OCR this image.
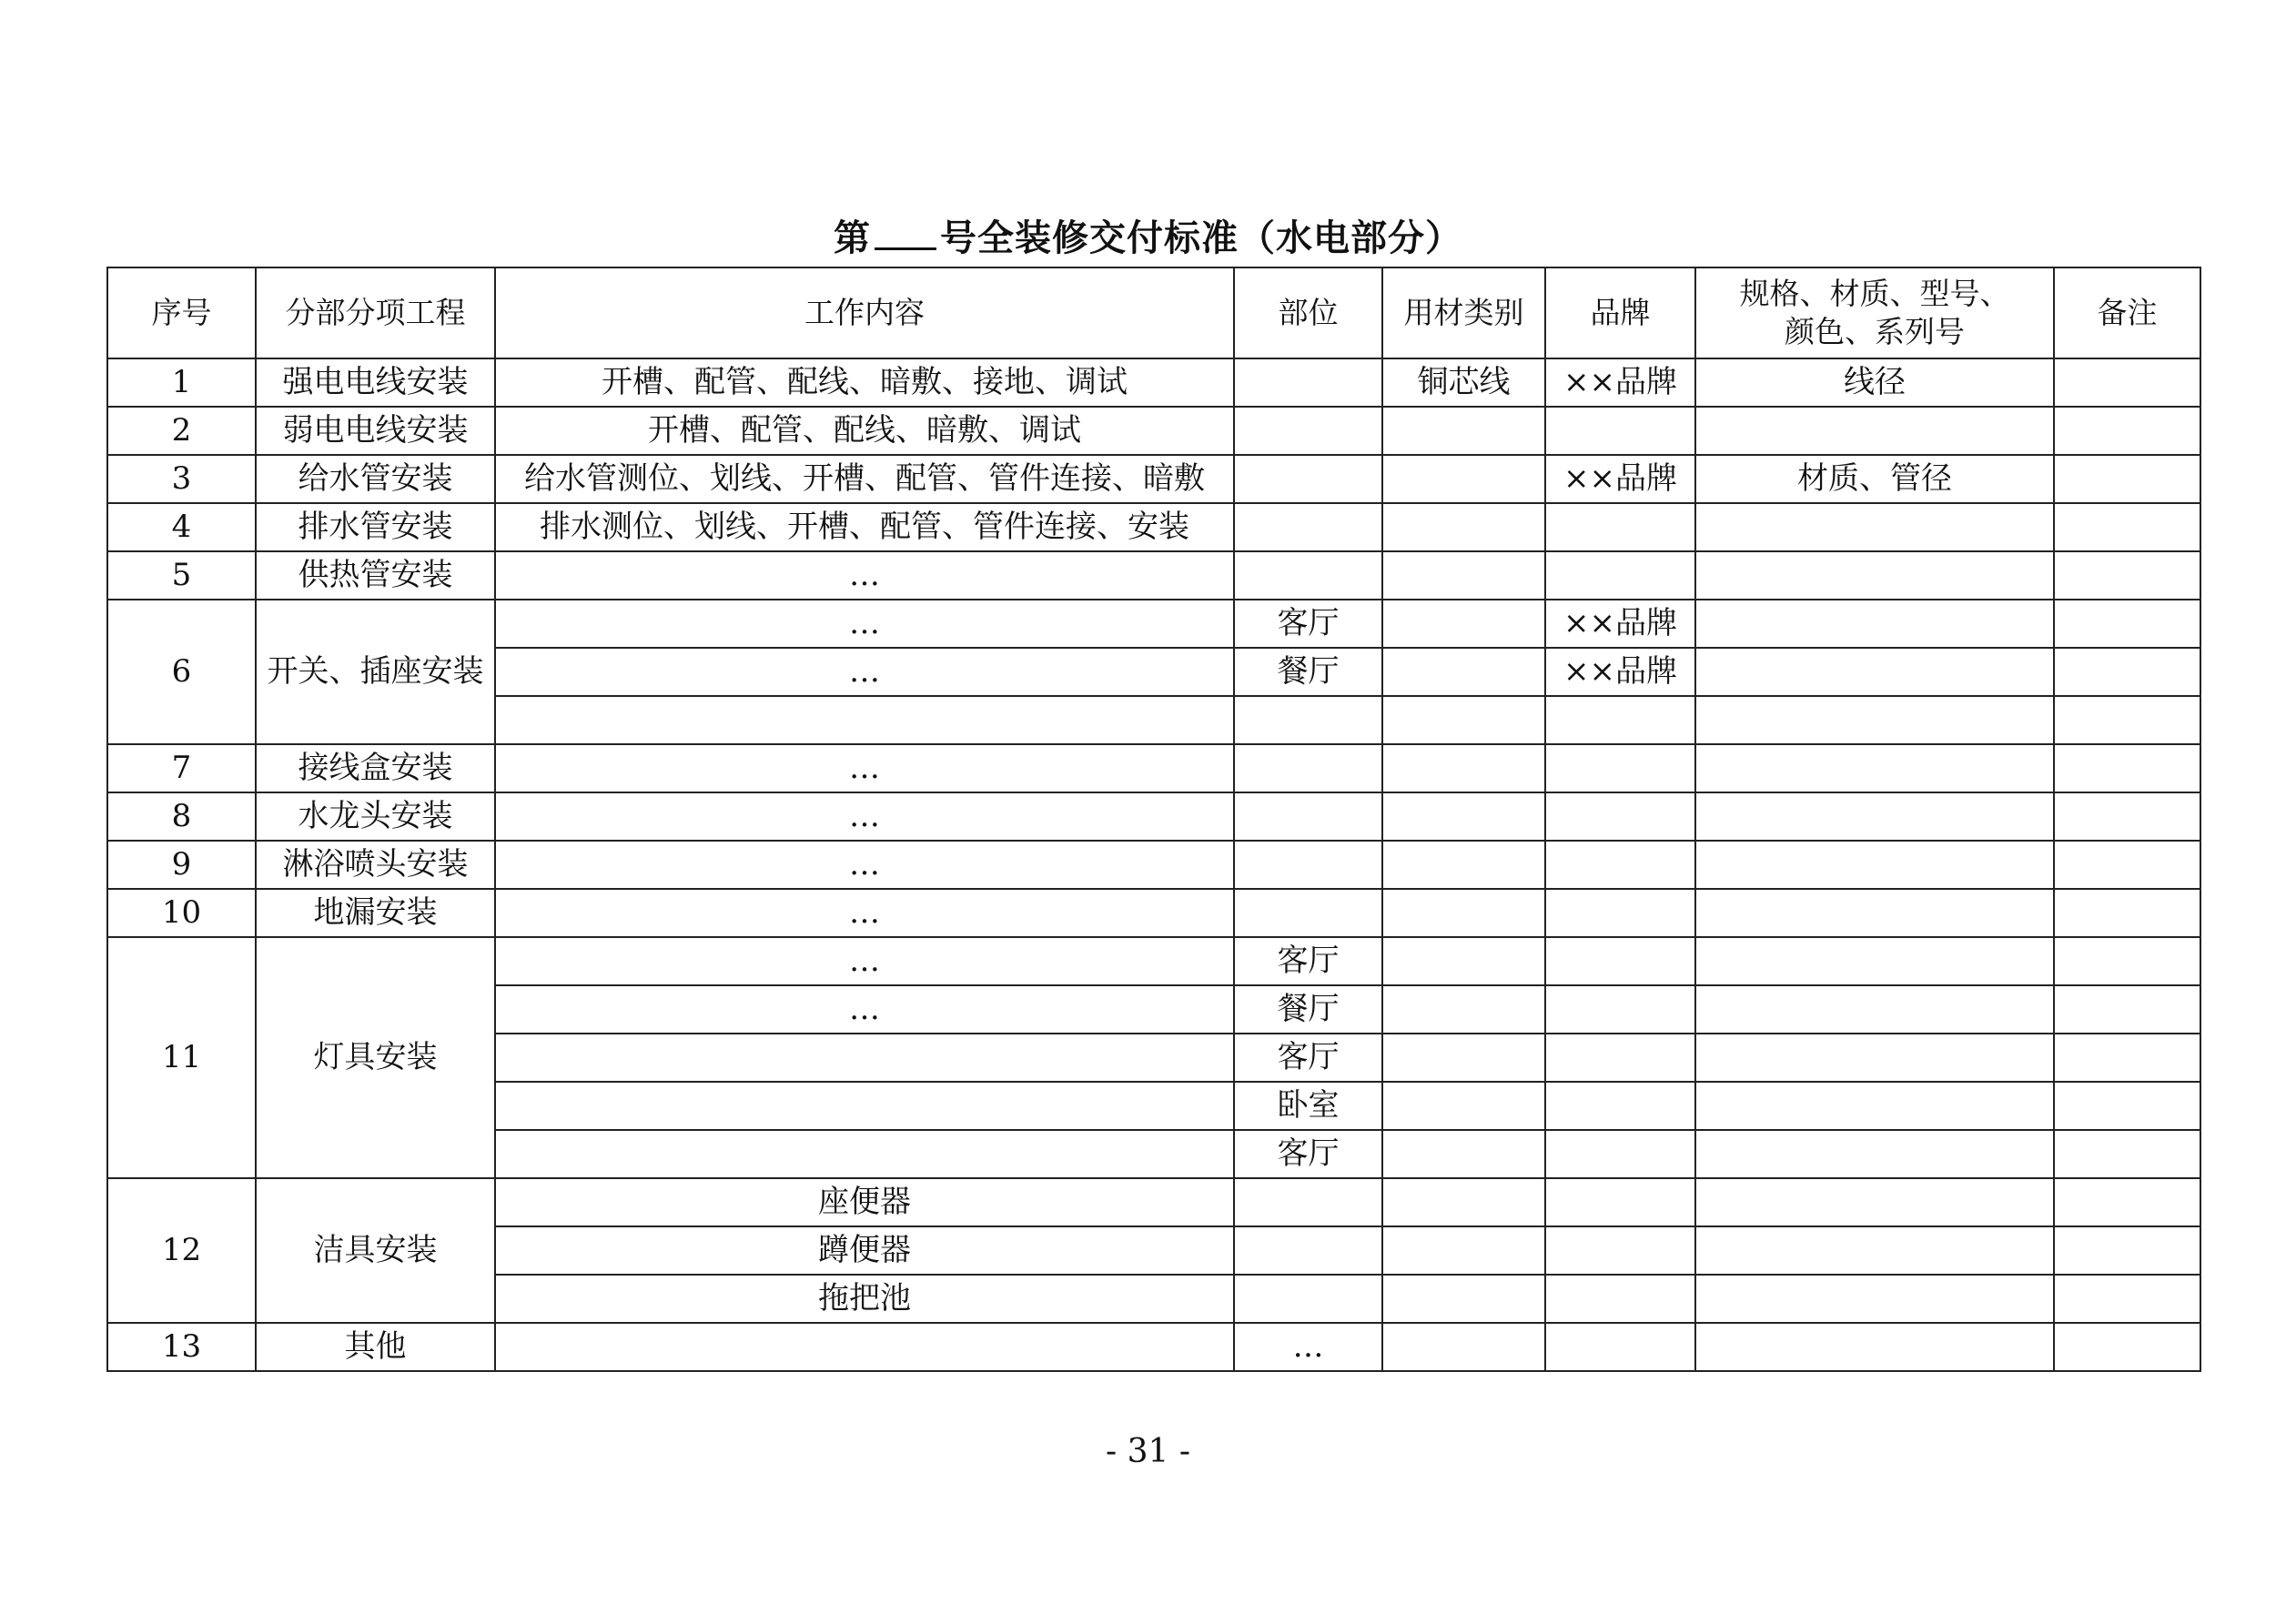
第 号全装修交付标准（水电部分）
序号	分部分项工程	工作内容	部位	用材类别	品牌	规格、材质、型号、
颜色、系列号	备注
1	强电电线安装	开槽、配管、配线、暗敷、接地、调试		铜芯线	××品牌	线径	
2	弱电电线安装	开槽、配管、配线、暗敷、调试					
3	给水管安装	给水管测位、划线、开槽、配管、管件连接、暗敷			××品牌	材质、管径	
4	排水管安装	排水测位、划线、开槽、配管、管件连接、安装					
5	供热管安装	…					
6	开关、插座安装	…	客厅		××品牌		
		…	餐厅		××品牌		

7	接线盒安装	…					
8	水龙头安装	…					
9	淋浴喷头安装	…					
10	地漏安装	…					
11	灯具安装	…	客厅				
		…	餐厅				
			客厅				
			卧室				
			客厅				
12	洁具安装	座便器					
		蹲便器					
		拖把池					
13	其他		…				
- 31 -
